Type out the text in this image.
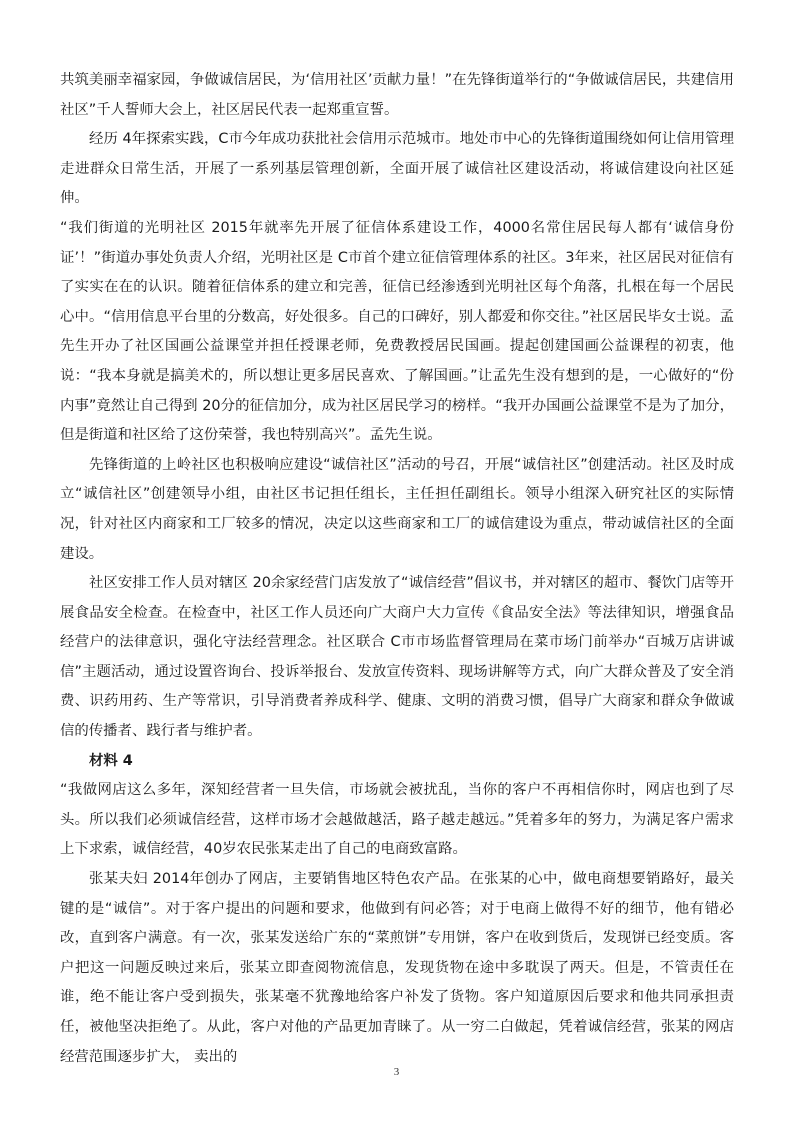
共筑美丽幸福家园，争做诚信居民，为‘信用社区’贡献力量！”在先锋街道举行的“争做诚信居民，共建信用社区”千人誓师大会上，社区居民代表一起郑重宣誓。

经历 4年探索实践，C市今年成功获批社会信用示范城市。地处市中心的先锋街道围绕如何让信用管理走进群众日常生活，开展了一系列基层管理创新，全面开展了诚信社区建设活动，将诚信建设向社区延伸。

“我们街道的光明社区 2015年就率先开展了征信体系建设工作，4000名常住居民每人都有‘诚信身份证’！”街道办事处负责人介绍，光明社区是 C市首个建立征信管理体系的社区。3年来，社区居民对征信有了实实在在的认识。随着征信体系的建立和完善，征信已经渗透到光明社区每个角落，扎根在每一个居民心中。“信用信息平台里的分数高，好处很多。自己的口碑好，别人都爱和你交往。”社区居民毕女士说。孟先生开办了社区国画公益课堂并担任授课老师，免费教授居民国画。提起创建国画公益课程的初衷，他说：“我本身就是搞美术的，所以想让更多居民喜欢、了解国画。”让孟先生没有想到的是，一心做好的“份内事”竟然让自己得到 20分的征信加分，成为社区居民学习的榜样。“我开办国画公益课堂不是为了加分，但是街道和社区给了这份荣誉，我也特别高兴”。孟先生说。

先锋街道的上岭社区也积极响应建设“诚信社区”活动的号召，开展“诚信社区”创建活动。社区及时成立“诚信社区”创建领导小组，由社区书记担任组长，主任担任副组长。领导小组深入研究社区的实际情况，针对社区内商家和工厂较多的情况，决定以这些商家和工厂的诚信建设为重点，带动诚信社区的全面建设。

社区安排工作人员对辖区 20余家经营门店发放了“诚信经营”倡议书，并对辖区的超市、餐饮门店等开展食品安全检查。在检查中，社区工作人员还向广大商户大力宣传《食品安全法》等法律知识，增强食品经营户的法律意识，强化守法经营理念。社区联合 C市市场监督管理局在菜市场门前举办“百城万店讲诚信”主题活动，通过设置咨询台、投诉举报台、发放宣传资料、现场讲解等方式，向广大群众普及了安全消费、识药用药、生产等常识，引导消费者养成科学、健康、文明的消费习惯，倡导广大商家和群众争做诚信的传播者、践行者与维护者。

材料 4

“我做网店这么多年，深知经营者一旦失信，市场就会被扰乱，当你的客户不再相信你时，网店也到了尽头。所以我们必须诚信经营，这样市场才会越做越活，路子越走越远。”凭着多年的努力，为满足客户需求上下求索，诚信经营，40岁农民张某走出了自己的电商致富路。

张某夫妇 2014年创办了网店，主要销售地区特色农产品。在张某的心中，做电商想要销路好，最关键的是“诚信”。对于客户提出的问题和要求，他做到有问必答；对于电商上做得不好的细节，他有错必改，直到客户满意。有一次，张某发送给广东的“菜煎饼”专用饼，客户在收到货后，发现饼已经变质。客户把这一问题反映过来后，张某立即查阅物流信息，发现货物在途中多耽误了两天。但是，不管责任在谁，绝不能让客户受到损失，张某毫不犹豫地给客户补发了货物。客户知道原因后要求和他共同承担责任，被他坚决拒绝了。从此，客户对他的产品更加青睐了。从一穷二白做起，凭着诚信经营，张某的网店经营范围逐步扩大， 卖出的

3
